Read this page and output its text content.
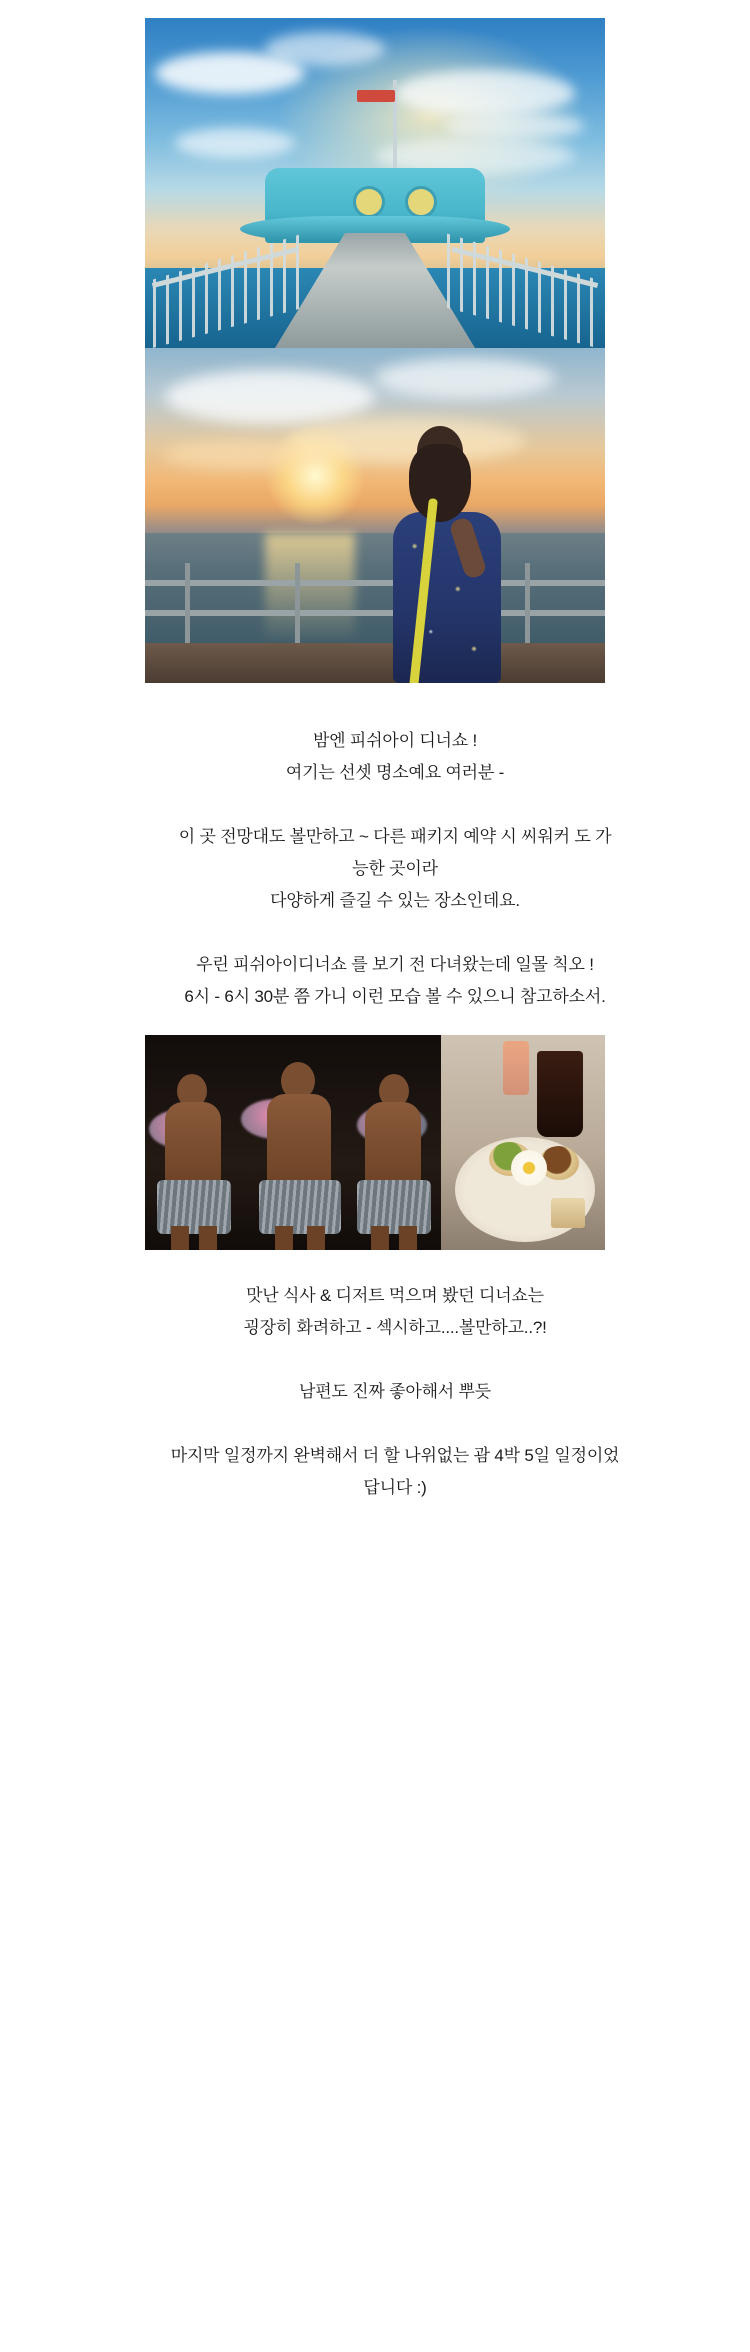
밤엔 피쉬아이 디너쇼 !

여기는 선셋 명소예요 여러분 -

이 곳 전망대도 볼만하고 ~ 다른 패키지 예약 시 씨워커 도 가

능한 곳이라

다양하게 즐길 수 있는 장소인데요.

우린 피쉬아이디너쇼 를 보기 전 다녀왔는데 일몰 칙오 !

6시 - 6시 30분 쯤 가니 이런 모습 볼 수 있으니 참고하소서.

맛난 식사 & 디저트 먹으며 봤던 디너쇼는

굉장히 화려하고 - 섹시하고....볼만하고..?!

남편도 진짜 좋아해서 뿌듯

마지막 일정까지 완벽해서 더 할 나위없는 괌 4박 5일 일정이었

답니다 :)
